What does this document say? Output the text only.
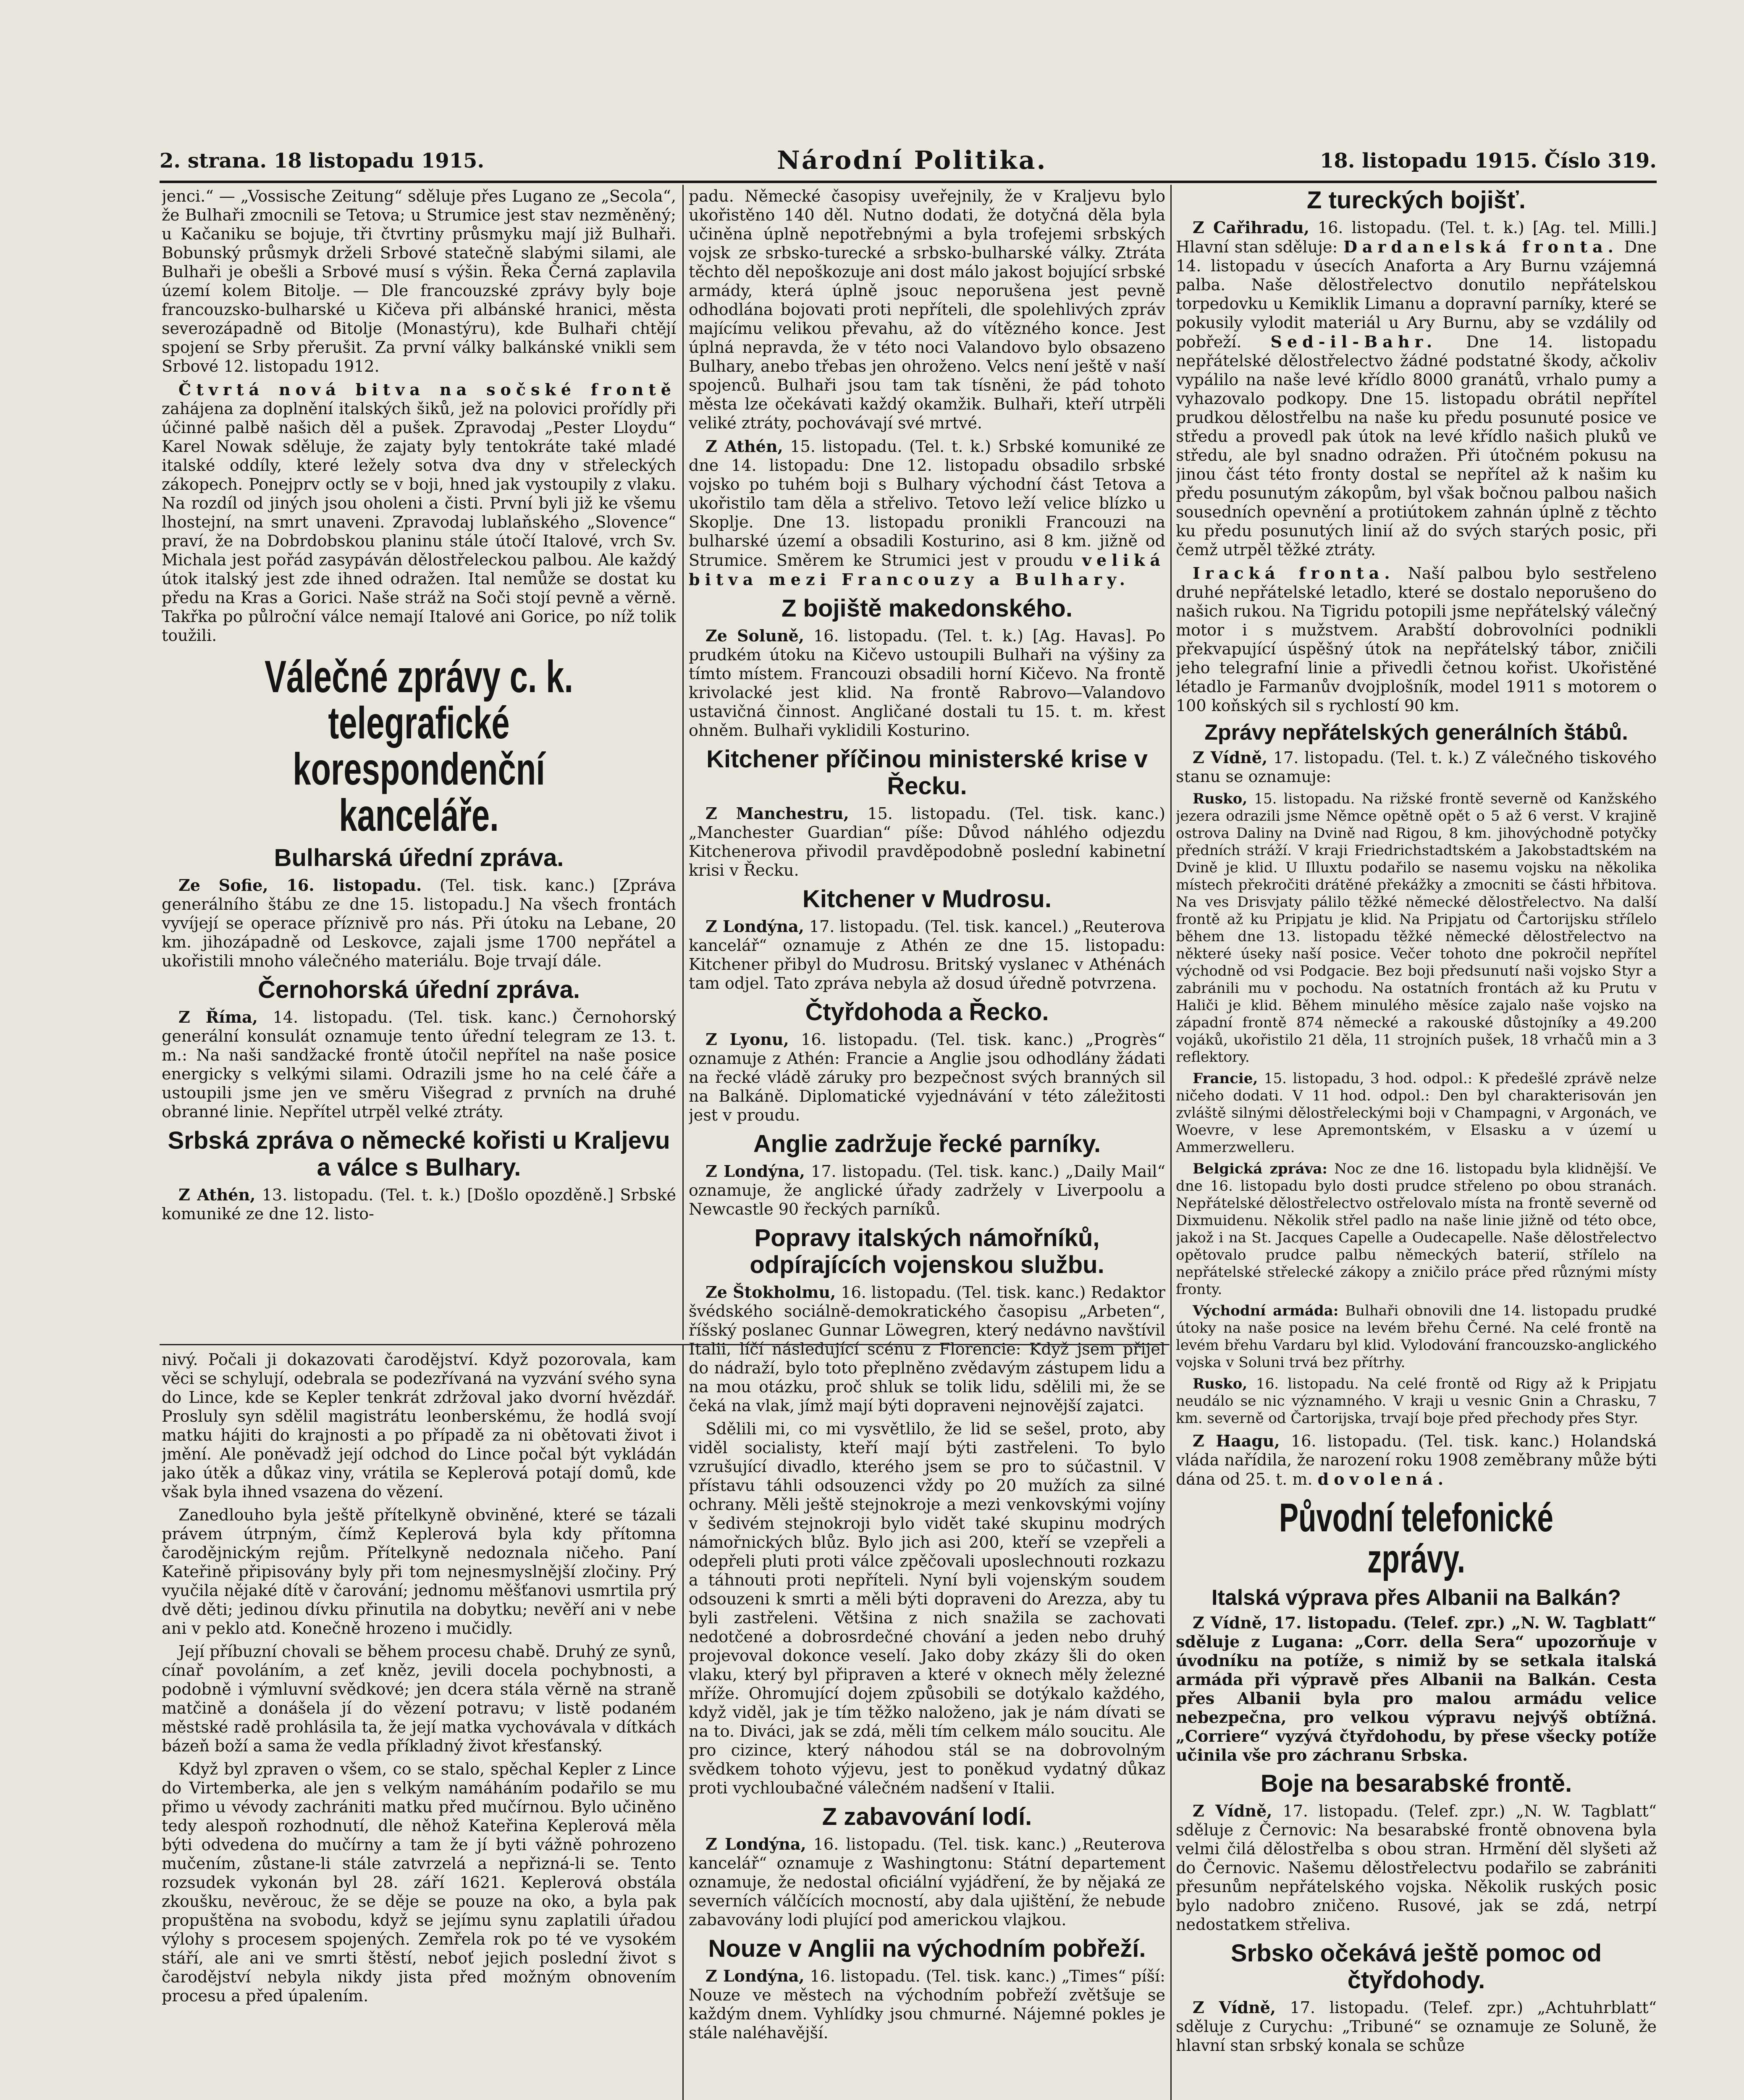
2. strana. 18 listopadu 1915.	Národní Politika.	18. listopadu 1915. Číslo 319.

jenci.“ — „Vossische Zeitung“ sděluje přes Lugano ze „Secola“, že Bulhaři zmocnili se Tetova; u Strumice jest stav nezměněný; u Kačaniku se bojuje, tři čtvrtiny průsmyku mají již Bulhaři. Bobunský průsmyk drželi Srbové statečně slabými silami, ale Bulhaři je obešli a Srbové musí s výšin. Řeka Černá zaplavila území kolem Bitolje. — Dle francouzské zprávy byly boje francouzsko-bulharské u Kičeva při albánské hranici, města severozápadně od Bitolje (Monastýru), kde Bulhaři chtějí spojení se Srby přerušit. Za první války balkánské vnikli sem Srbové 12. listopadu 1912.

Čtvrtá nová bitva na sočské frontě zahájena za doplnění italských šiků, jež na polovici prořídly při účinné palbě našich děl a pušek. Zpravodaj „Pester Lloydu“ Karel Nowak sděluje, že zajaty byly tentokráte také mladé italské oddíly, které ležely sotva dva dny v střeleckých zákopech. Ponejprv octly se v boji, hned jak vystoupily z vlaku. Na rozdíl od jiných jsou oholeni a čisti. První byli již ke všemu lhostejní, na smrt unaveni. Zpravodaj lublaňského „Slovence“ praví, že na Dobrdobskou planinu stále útočí Italové, vrch Sv. Michala jest pořád zasypáván dělostřeleckou palbou. Ale každý útok italský jest zde ihned odražen. Ital nemůže se dostat ku předu na Kras a Gorici. Naše stráž na Soči stojí pevně a věrně. Takřka po půlroční válce nemají Italové ani Gorice, po níž tolik toužili.

Válečné zprávy c. k. telegrafické korespondenční kanceláře.
Bulharská úřední zpráva.

Ze Sofie, 16. listopadu. (Tel. tisk. kanc.) [Zpráva generálního štábu ze dne 15. listopadu.] Na všech frontách vyvíjejí se operace příznivě pro nás. Při útoku na Lebane, 20 km. jihozápadně od Leskovce, zajali jsme 1700 nepřátel a ukořistili mnoho válečného materiálu. Boje trvají dále.

Černohorská úřední zpráva.

Z Říma, 14. listopadu. (Tel. tisk. kanc.) Černohorský generální konsulát oznamuje tento úřední telegram ze 13. t. m.: Na naši sandžacké frontě útočil nepřítel na naše posice energicky s velkými silami. Odrazili jsme ho na celé čáře a ustoupili jsme jen ve směru Višegrad z prvních na druhé obranné linie. Nepřítel utrpěl velké ztráty.

Srbská zpráva o německé kořisti u Kraljevu a válce s Bulhary.

Z Athén, 13. listopadu. (Tel. t. k.) [Došlo opozděně.] Srbské komuniké ze dne 12. listo-

padu. Německé časopisy uveřejnily, že v Kraljevu bylo ukořistěno 140 děl. Nutno dodati, že dotyčná děla byla učiněna úplně nepotřebnými a byla trofejemi srbských vojsk ze srbsko-turecké a srbsko-bulharské války. Ztráta těchto děl nepoškozuje ani dost málo jakost bojující srbské armády, která úplně jsouc neporušena jest pevně odhodlána bojovati proti nepříteli, dle spolehlivých zpráv majícímu velikou převahu, až do vítězného konce. Jest úplná nepravda, že v této noci Valandovo bylo obsazeno Bulhary, anebo třebas jen ohroženo. Velcs není ještě v naší spojenců. Bulhaři jsou tam tak tísněni, že pád tohoto města lze očekávati každý okamžik. Bulhaři, kteří utrpěli veliké ztráty, pochovávají své mrtvé.

Z Athén, 15. listopadu. (Tel. t. k.) Srbské komuniké ze dne 14. listopadu: Dne 12. listopadu obsadilo srbské vojsko po tuhém boji s Bulhary východní část Tetova a ukořistilo tam děla a střelivo. Tetovo leží velice blízko u Skoplje. Dne 13. listopadu pronikli Francouzi na bulharské území a obsadili Kosturino, asi 8 km. jižně od Strumice. Směrem ke Strumici jest v proudu veliká bitva mezi Francouzy a Bulhary.

Z bojiště makedonského.

Ze Soluně, 16. listopadu. (Tel. t. k.) [Ag. Havas]. Po prudkém útoku na Kičevo ustoupili Bulhaři na výšiny za tímto místem. Francouzi obsadili horní Kičevo. Na frontě krivolacké jest klid. Na frontě Rabrovo—Valandovo ustavičná činnost. Angličané dostali tu 15. t. m. křest ohněm. Bulhaři vyklidili Kosturino.

Kitchener příčinou ministerské krise v Řecku.

Z Manchestru, 15. listopadu. (Tel. tisk. kanc.) „Manchester Guardian“ píše: Důvod náhlého odjezdu Kitchenerova přivodil pravděpodobně poslední kabinetní krisi v Řecku.

Kitchener v Mudrosu.

Z Londýna, 17. listopadu. (Tel. tisk. kancel.) „Reuterova kancelář“ oznamuje z Athén ze dne 15. listopadu: Kitchener přibyl do Mudrosu. Britský vyslanec v Athénách tam odjel. Tato zpráva nebyla až dosud úředně potvrzena.

Čtyřdohoda a Řecko.

Z Lyonu, 16. listopadu. (Tel. tisk. kanc.) „Progrès“ oznamuje z Athén: Francie a Anglie jsou odhodlány žádati na řecké vládě záruky pro bezpečnost svých branných sil na Balkáně. Diplomatické vyjednávání v této záležitosti jest v proudu.

Anglie zadržuje řecké parníky.

Z Londýna, 17. listopadu. (Tel. tisk. kanc.) „Daily Mail“ oznamuje, že anglické úřady zadržely v Liverpoolu a Newcastle 90 řeckých parníků.

Popravy italských námořníků, odpírajících vojenskou službu.

Ze Štokholmu, 16. listopadu. (Tel. tisk. kanc.) Redaktor švédského sociálně-demokratického časopisu „Arbeten“, říšský poslanec Gunnar Löwegren, který nedávno navštívil Italii, líčí následující scénu z Florencie: Když jsem přijel do nádraží, bylo toto přeplněno zvědavým zástupem lidu a na mou otázku, proč shluk se tolik lidu, sdělili mi, že se čeká na vlak, jímž mají býti dopraveni nejnovější zajatci.

Sdělili mi, co mi vysvětlilo, že lid se sešel, proto, aby viděl socialisty, kteří mají býti zastřeleni. To bylo vzrušující divadlo, kterého jsem se pro to súčastnil. V přístavu táhli odsouzenci vždy po 20 mužích za silné ochrany. Měli ještě stejnokroje a mezi venkovskými vojíny v šedivém stejnokroji bylo vidět také skupinu modrých námořnických blůz. Bylo jich asi 200, kteří se vzepřeli a odepřeli pluti proti válce zpěčovali uposlechnouti rozkazu a táhnouti proti nepříteli. Nyní byli vojenským soudem odsouzeni k smrti a měli býti dopraveni do Arezza, aby tu byli zastřeleni. Většina z nich snažila se zachovati nedotčené a dobrosrdečné chování a jeden nebo druhý projevoval dokonce veselí. Jako doby zkázy šli do oken vlaku, který byl připraven a které v oknech měly železné mříže. Ohromující dojem způsobili se dotýkalo každého, když viděl, jak je tím těžko naloženo, jak je nám dívati se na to. Diváci, jak se zdá, měli tím celkem málo soucitu. Ale pro cizince, který náhodou stál se na dobrovolným svědkem tohoto výjevu, jest to poněkud vydatný důkaz proti vychloubačné válečném nadšení v Italii.

Z zabavování lodí.

Z Londýna, 16. listopadu. (Tel. tisk. kanc.) „Reuterova kancelář“ oznamuje z Washingtonu: Státní departement oznamuje, že nedostal oficiální vyjádření, že by nějaká ze severních válčících mocností, aby dala ujištění, že nebude zabavovány lodi plující pod americkou vlajkou.

Nouze v Anglii na východním pobřeží.

Z Londýna, 16. listopadu. (Tel. tisk. kanc.) „Times“ píší: Nouze ve městech na východním pobřeží zvětšuje se každým dnem. Vyhlídky jsou chmurné. Nájemné pokles je stále naléhavější.

Z tureckých bojišť.

Z Cařihradu, 16. listopadu. (Tel. t. k.) [Ag. tel. Milli.] Hlavní stan sděluje: Dardanelská fronta. Dne 14. listopadu v úsecích Anaforta a Ary Burnu vzájemná palba. Naše dělostřelectvo donutilo nepřátelskou torpedovku u Kemiklik Limanu a dopravní parníky, které se pokusily vylodit materiál u Ary Burnu, aby se vzdálily od pobřeží. Sed-il-Bahr. Dne 14. listopadu nepřátelské dělostřelectvo žádné podstatné škody, ačkoliv vypálilo na naše levé křídlo 8000 granátů, vrhalo pumy a vyhazovalo podkopy. Dne 15. listopadu obrátil nepřítel prudkou dělostřelbu na naše ku předu posunuté posice ve středu a provedl pak útok na levé křídlo našich pluků ve středu, ale byl snadno odražen. Při útočném pokusu na jinou část této fronty dostal se nepřítel až k našim ku předu posunutým zákopům, byl však bočnou palbou našich sousedních opevnění a protiútokem zahnán úplně z těchto ku předu posunutých linií až do svých starých posic, při čemž utrpěl těžké ztráty.

Iracká fronta. Naší palbou bylo sestřeleno druhé nepřátelské letadlo, které se dostalo neporušeno do našich rukou. Na Tigridu potopili jsme nepřátelský válečný motor i s mužstvem. Arabští dobrovolníci podnikli překvapující úspěšný útok na nepřátelský tábor, zničili jeho telegrafní linie a přivedli četnou kořist. Ukořistěné létadlo je Farmanův dvojplošník, model 1911 s motorem o 100 koňských sil s rychlostí 90 km.

Zprávy nepřátelských generálních štábů.

Z Vídně, 17. listopadu. (Tel. t. k.) Z válečného tiskového stanu se oznamuje:

Rusko, 15. listopadu. Na rižské frontě severně od Kanžského jezera odrazili jsme Němce opětně opět o 5 až 6 verst. V krajině ostrova Daliny na Dvině nad Rigou, 8 km. jihovýchodně potyčky předních stráží. V kraji Friedrichstadtském a Jakobstadtském na Dvině je klid. U Illuxtu podařilo se nasemu vojsku na několika místech překročiti drátěné překážky a zmocniti se části hřbitova. Na ves Drisvjaty pálilo těžké německé dělostřelectvo. Na další frontě až ku Pripjatu je klid. Na Pripjatu od Čartorijsku střílelo během dne 13. listopadu těžké německé dělostřelectvo na některé úseky naší posice. Večer tohoto dne pokročil nepřítel východně od vsi Podgacie. Bez boji předsunutí naši vojsko Styr a zabránili mu v pochodu. Na ostatních frontách až ku Prutu v Haliči je klid. Během minulého měsíce zajalo naše vojsko na západní frontě 874 německé a rakouské důstojníky a 49.200 vojáků, ukořistilo 21 děla, 11 strojních pušek, 18 vrhačů min a 3 reflektory.

Francie, 15. listopadu, 3 hod. odpol.: K předešlé zprávě nelze ničeho dodati. V 11 hod. odpol.: Den byl charakterisován jen zvláště silnými dělostřeleckými boji v Champagni, v Argonách, ve Woevre, v lese Apremontském, v Elsasku a v území u Ammerzwelleru.

Belgická zpráva: Noc ze dne 16. listopadu byla klidnější. Ve dne 16. listopadu bylo dosti prudce střeleno po obou stranách. Nepřátelské dělostřelectvo ostřelovalo místa na frontě severně od Dixmuidenu. Několik střel padlo na naše linie jižně od této obce, jakož i na St. Jacques Capelle a Oudecapelle. Naše dělostřelectvo opětovalo prudce palbu německých baterií, střílelo na nepřátelské střelecké zákopy a zničilo práce před různými místy fronty.

Východní armáda: Bulhaři obnovili dne 14. listopadu prudké útoky na naše posice na levém břehu Černé. Na celé frontě na levém břehu Vardaru byl klid. Vylodování francouzsko-anglického vojska v Soluni trvá bez přítrhy.

Rusko, 16. listopadu. Na celé frontě od Rigy až k Pripjatu neudálo se nic významného. V kraji u vesnic Gnin a Chrasku, 7 km. severně od Čartorijska, trvají boje před přechody přes Styr.

Z Haagu, 16. listopadu. (Tel. tisk. kanc.) Holandská vláda nařídila, že narození roku 1908 zeměbrany může býti dána od 25. t. m. dovolená.

Původní telefonické zprávy.
Italská výprava přes Albanii na Balkán?

Z Vídně, 17. listopadu. (Telef. zpr.) „N. W. Tagblatt“ sděluje z Lugana: „Corr. della Sera“ upozorňuje v úvodníku na potíže, s nimiž by se setkala italská armáda při výpravě přes Albanii na Balkán. Cesta přes Albanii byla pro malou armádu velice nebezpečna, pro velkou výpravu nejvýš obtížná. „Corriere“ vyzývá čtyřdohodu, by přese všecky potíže učinila vše pro záchranu Srbska.

Boje na besarabské frontě.

Z Vídně, 17. listopadu. (Telef. zpr.) „N. W. Tagblatt“ sděluje z Černovic: Na besarabské frontě obnovena byla velmi čilá dělostřelba s obou stran. Hrmění děl slyšeti až do Černovic. Našemu dělostřelectvu podařilo se zabrániti přesunům nepřátelského vojska. Několik ruských posic bylo nadobro zničeno. Rusové, jak se zdá, netrpí nedostatkem střeliva.

Srbsko očekává ještě pomoc od čtyřdohody.

Z Vídně, 17. listopadu. (Telef. zpr.) „Achtuhrblatt“ sděluje z Curychu: „Tribuné“ se oznamuje ze Soluně, že hlavní stan srbský konala se schůze

nivý. Počali ji dokazovati čarodějství. Když pozorovala, kam věci se schylují, odebrala se podezřívaná na vyzvání svého syna do Lince, kde se Kepler tenkrát zdržoval jako dvorní hvězdář. Prosluly syn sdělil magistrátu leonberskému, že hodlá svojí matku hájiti do krajnosti a po případě za ni obětovati život i jmění. Ale poněvadž její odchod do Lince počal být vykládán jako útěk a důkaz viny, vrátila se Keplerová potají domů, kde však byla ihned vsazena do vězení.

Zanedlouho byla ještě přítelkyně obviněné, které se tázali právem útrpným, čímž Keplerová byla kdy přítomna čarodějnickým rejům. Přítelkyně nedoznala ničeho. Paní Kateřině připisovány byly při tom nejnesmyslnější zločiny. Prý vyučila nějaké dítě v čarování; jednomu měšťanovi usmrtila prý dvě děti; jedinou dívku přinutila na dobytku; nevěří ani v nebe ani v peklo atd. Konečně hrozeno i mučidly.

Její příbuzní chovali se během procesu chabě. Druhý ze synů, cínař povoláním, a zeť kněz, jevili docela pochybnosti, a podobně i výmluvní svědkové; jen dcera stála věrně na straně matčině a donášela jí do vězení potravu; v listě podaném městské radě prohlásila ta, že její matka vychovávala v dítkách bázeň boží a sama že vedla příkladný život křesťanský.

Když byl zpraven o všem, co se stalo, spěchal Kepler z Lince do Virtemberka, ale jen s velkým namáháním podařilo se mu přimo u vévody zachrániti matku před mučírnou. Bylo učiněno tedy alespoň rozhodnutí, dle něhož Kateřina Keplerová měla býti odvedena do mučírny a tam že jí byti vážně pohrozeno mučením, zůstane-li stále zatvrzelá a nepřizná-li se. Tento rozsudek vykonán byl 28. září 1621. Keplerová obstála zkoušku, nevěrouc, že se děje se pouze na oko, a byla pak propuštěna na svobodu, když se jejímu synu zaplatili úřadou výlohy s procesem spojených. Zemřela rok po té ve vysokém stáří, ale ani ve smrti štěstí, neboť jejich poslední život s čarodějství nebyla nikdy jista před možným obnovením procesu a před úpalením.
